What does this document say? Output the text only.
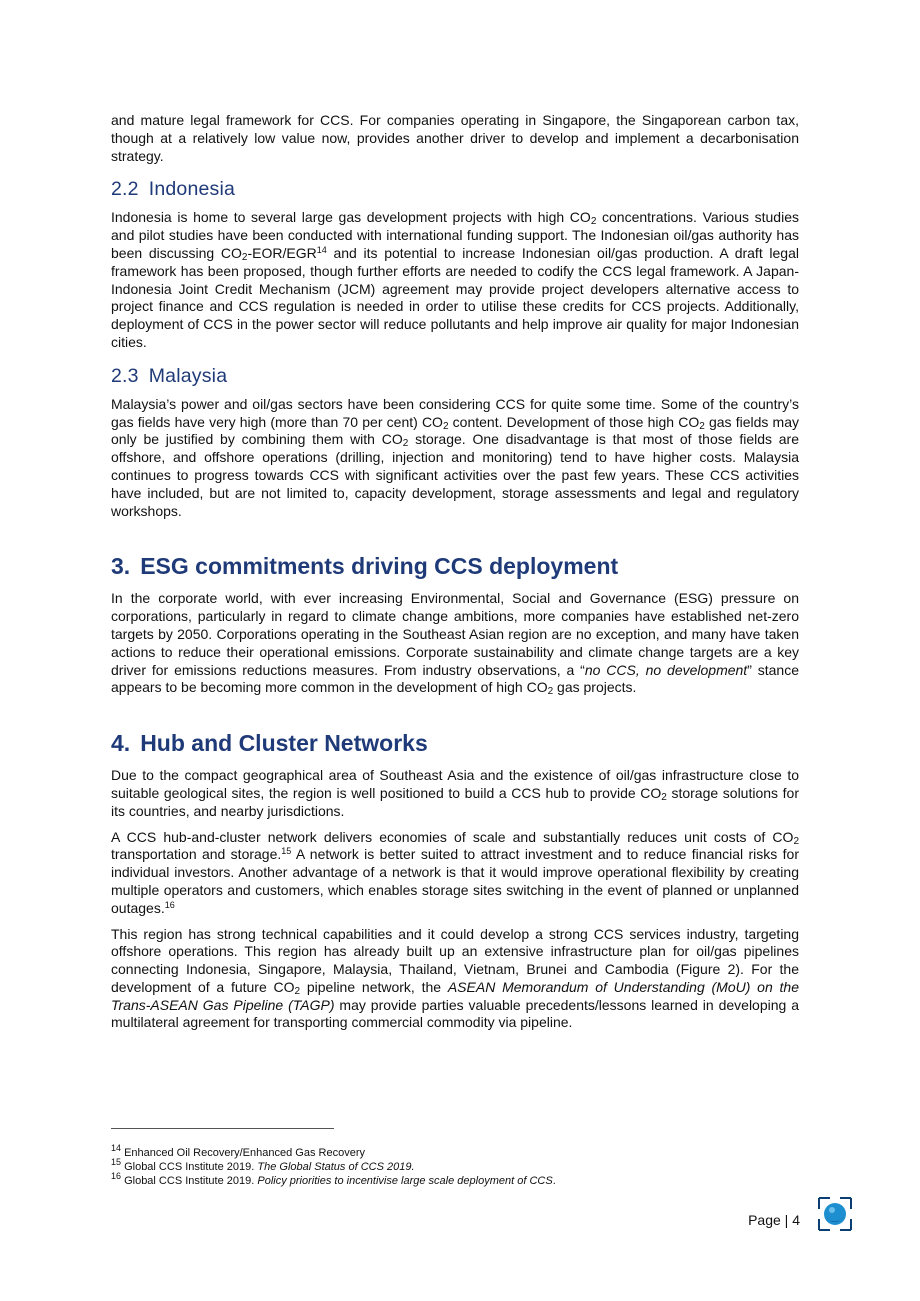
and mature legal framework for CCS. For companies operating in Singapore, the Singaporean carbon tax, though at a relatively low value now, provides another driver to develop and implement a decarbonisation strategy.

2.2 Indonesia

Indonesia is home to several large gas development projects with high $CO_2$ concentrations. Various studies and pilot studies have been conducted with international funding support. The Indonesian oil/gas authority has been discussing $CO_2-EOR/EGR^{14}$ and its potential to increase Indonesian oil/gas production. A draft legal framework has been proposed, though further efforts are needed to codify the CCS legal framework. A Japan-Indonesia Joint Credit Mechanism (JCM) agreement may provide project developers alternative access to project finance and CCS regulation is needed in order to utilise these credits for CCS projects. Additionally, deployment of CCS in the power sector will reduce pollutants and help improve air quality for major Indonesian cities.

2.3 Malaysia

Malaysia’s power and oil/gas sectors have been considering CCS for quite some time. Some of the country’s gas fields have very high (more than 70 per cent) $CO_2$ content. Development of those high $CO_2$ gas fields may only be justified by combining them with $CO_2$ storage. One disadvantage is that most of those fields are offshore, and offshore operations (drilling, injection and monitoring) tend to have higher costs. Malaysia continues to progress towards CCS with significant activities over the past few years. These CCS activities have included, but are not limited to, capacity development, storage assessments and legal and regulatory workshops.

3. ESG commitments driving CCS deployment

In the corporate world, with ever increasing Environmental, Social and Governance (ESG) pressure on corporations, particularly in regard to climate change ambitions, more companies have established net-zero targets by 2050. Corporations operating in the Southeast Asian region are no exception, and many have taken actions to reduce their operational emissions. Corporate sustainability and climate change targets are a key driver for emissions reductions measures. From industry observations, a “no CCS, no development” stance appears to be becoming more common in the development of high $CO_2$ gas projects.

4. Hub and Cluster Networks

Due to the compact geographical area of Southeast Asia and the existence of oil/gas infrastructure close to suitable geological sites, the region is well positioned to build a CCS hub to provide $CO_2$ storage solutions for its countries, and nearby jurisdictions.

A CCS hub-and-cluster network delivers economies of scale and substantially reduces unit costs of $CO_2$ transportation and storage.$^{15}$ A network is better suited to attract investment and to reduce financial risks for individual investors. Another advantage of a network is that it would improve operational flexibility by creating multiple operators and customers, which enables storage sites switching in the event of planned or unplanned outages.$^{16}$

This region has strong technical capabilities and it could develop a strong CCS services industry, targeting offshore operations. This region has already built up an extensive infrastructure plan for oil/gas pipelines connecting Indonesia, Singapore, Malaysia, Thailand, Vietnam, Brunei and Cambodia (Figure 2). For the development of a future $CO_2$ pipeline network, the ASEAN Memorandum of Understanding (MoU) on the Trans-ASEAN Gas Pipeline (TAGP) may provide parties valuable precedents/lessons learned in developing a multilateral agreement for transporting commercial commodity via pipeline.

$^{14}$ Enhanced Oil Recovery/Enhanced Gas Recovery
$^{15}$ Global CCS Institute 2019. The Global Status of CCS 2019.
$^{16}$ Global CCS Institute 2019. Policy priorities to incentivise large scale deployment of CCS.
Page | 4
